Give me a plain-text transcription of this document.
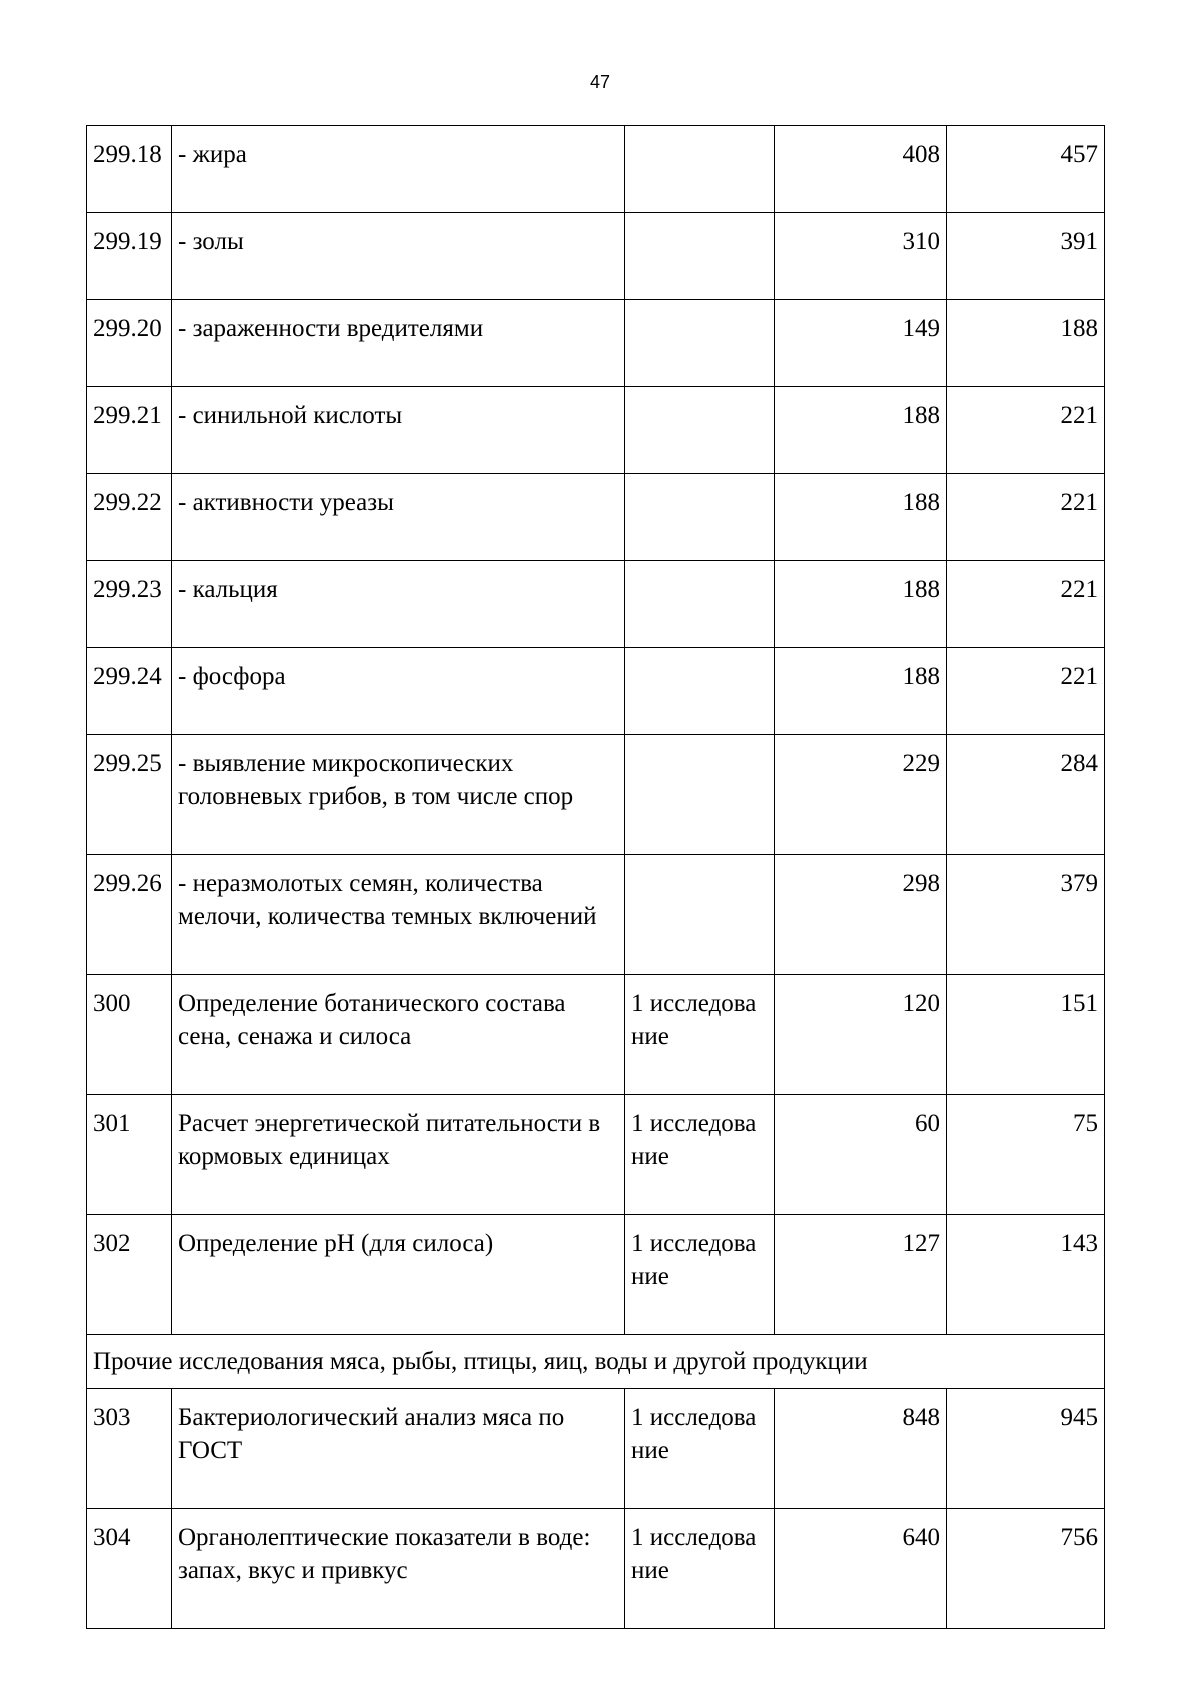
47
299.18	- жира		408	457
299.19	- золы		310	391
299.20	- зараженности вредителями		149	188
299.21	- синильной кислоты		188	221
299.22	- активности уреазы		188	221
299.23	- кальция		188	221
299.24	- фосфора		188	221
299.25	- выявление микроскопических головневых грибов, в том числе спор		229	284
299.26	- неразмолотых семян, количества мелочи, количества темных включений		298	379
300	Определение ботанического состава сена, сенажа и силоса	1 исследование	120	151
301	Расчет энергетической питательности в кормовых единицах	1 исследование	60	75
302	Определение pH (для силоса)	1 исследование	127	143
Прочие исследования мяса, рыбы, птицы, яиц, воды и другой продукции				
303	Бактериологический анализ мяса по ГОСТ	1 исследование	848	945
304	Органолептические показатели в воде: запах, вкус и привкус	1 исследование	640	756
